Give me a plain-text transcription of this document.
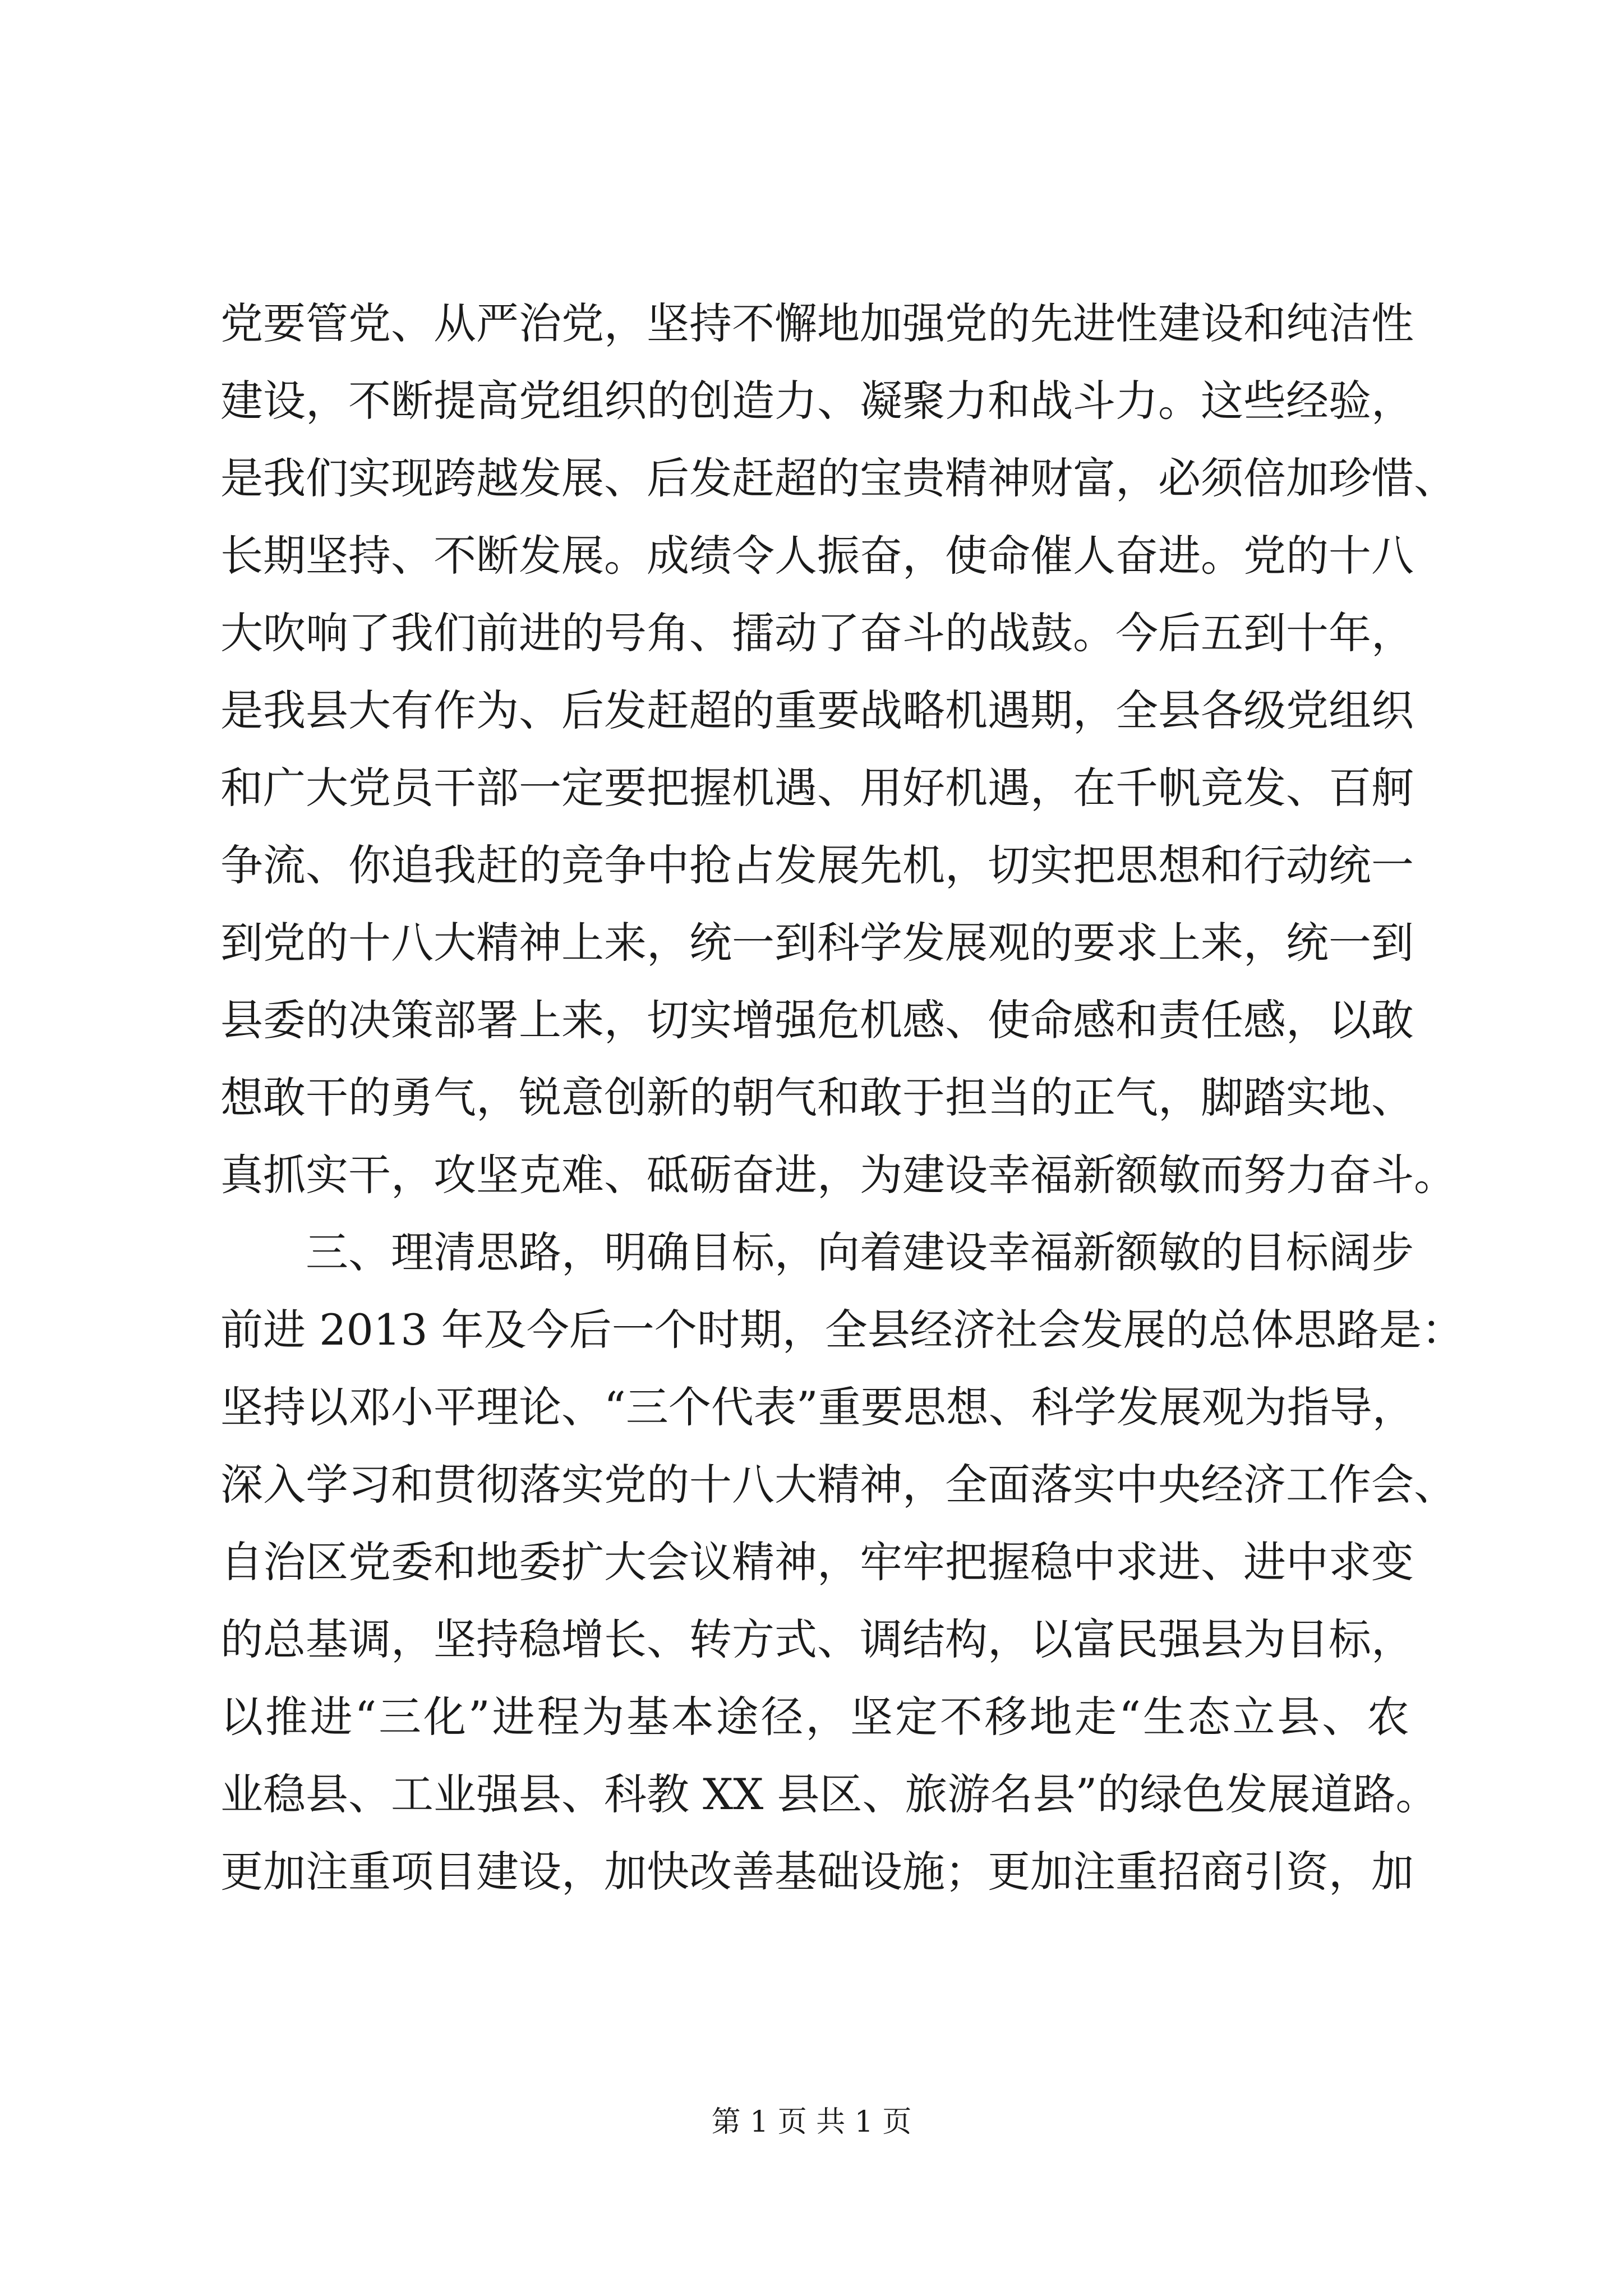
党要管党、从严治党，坚持不懈地加强党的先进性建设和纯洁性
建设，不断提高党组织的创造力、凝聚力和战斗力。这些经验，
是我们实现跨越发展、后发赶超的宝贵精神财富，必须倍加珍惜、
长期坚持、不断发展。成绩令人振奋，使命催人奋进。党的十八
大吹响了我们前进的号角、擂动了奋斗的战鼓。今后五到十年，
是我县大有作为、后发赶超的重要战略机遇期，全县各级党组织
和广大党员干部一定要把握机遇、用好机遇，在千帆竞发、百舸
争流、你追我赶的竞争中抢占发展先机，切实把思想和行动统一
到党的十八大精神上来，统一到科学发展观的要求上来，统一到
县委的决策部署上来，切实增强危机感、使命感和责任感，以敢
想敢干的勇气，锐意创新的朝气和敢于担当的正气，脚踏实地、
真抓实干，攻坚克难、砥砺奋进，为建设幸福新额敏而努力奋斗。
三、理清思路，明确目标，向着建设幸福新额敏的目标阔步
前进 2013 年及今后一个时期，全县经济社会发展的总体思路是：
坚持以邓小平理论、“三个代表”重要思想、科学发展观为指导，
深入学习和贯彻落实党的十八大精神，全面落实中央经济工作会、
自治区党委和地委扩大会议精神，牢牢把握稳中求进、进中求变
的总基调，坚持稳增长、转方式、调结构，以富民强县为目标，
以推进“三化”进程为基本途径，坚定不移地走“生态立县、农
业稳县、工业强县、科教 XX 县区、旅游名县”的绿色发展道路。
更加注重项目建设，加快改善基础设施；更加注重招商引资，加
第 1 页 共 1 页
